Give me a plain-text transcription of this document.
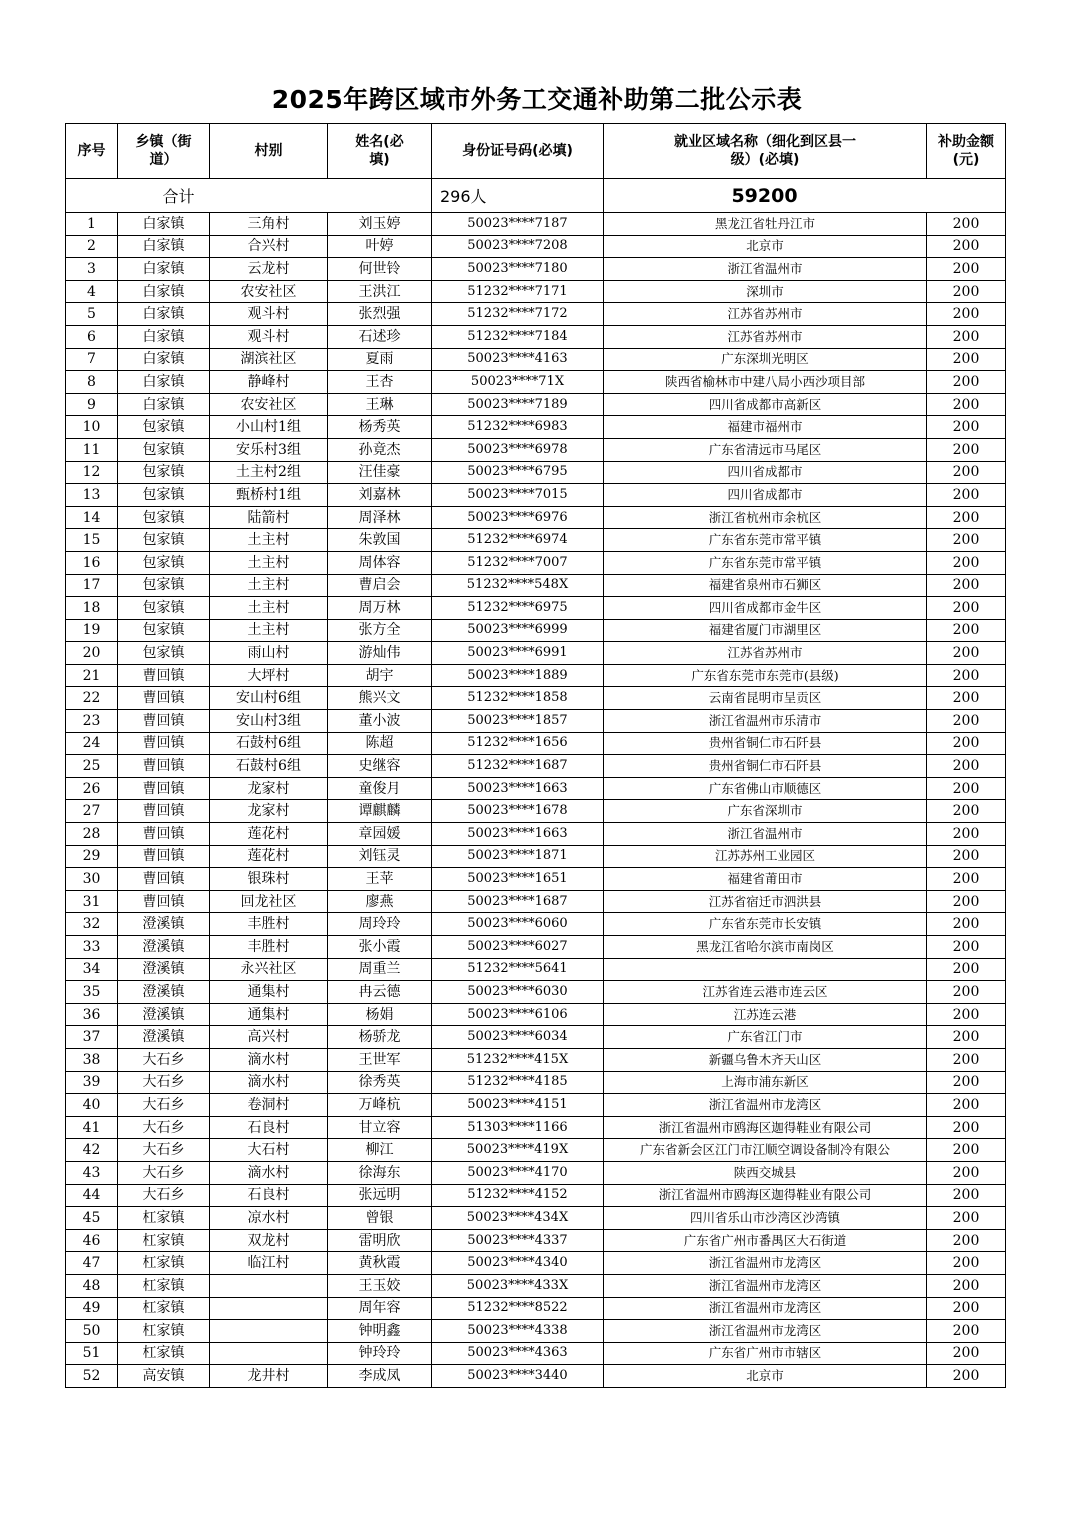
2025年跨区域市外务工交通补助第二批公示表
序号	乡镇（街道）	村别	姓名(必填)	身份证号码(必填)	就业区域名称（细化到区县一级）(必填)	补助金额(元)
合计				296人	59200	
1	白家镇	三角村	刘玉婷	50023****7187	黑龙江省牡丹江市	200
2	白家镇	合兴村	叶婷	50023****7208	北京市	200
3	白家镇	云龙村	何世铃	50023****7180	浙江省温州市	200
4	白家镇	农安社区	王洪江	51232****7171	深圳市	200
5	白家镇	观斗村	张烈强	51232****7172	江苏省苏州市	200
6	白家镇	观斗村	石述珍	51232****7184	江苏省苏州市	200
7	白家镇	湖滨社区	夏雨	50023****4163	广东深圳光明区	200
8	白家镇	静峰村	王杏	50023****71X	陕西省榆林市中建八局小西沙项目部	200
9	白家镇	农安社区	王琳	50023****7189	四川省成都市高新区	200
10	包家镇	小山村1组	杨秀英	51232****6983	福建市福州市	200
11	包家镇	安乐村3组	孙竟杰	50023****6978	广东省清远市马尾区	200
12	包家镇	土主村2组	汪佳豪	50023****6795	四川省成都市	200
13	包家镇	甄桥村1组	刘嘉林	50023****7015	四川省成都市	200
14	包家镇	陆箭村	周泽林	50023****6976	浙江省杭州市余杭区	200
15	包家镇	土主村	朱敦国	51232****6974	广东省东莞市常平镇	200
16	包家镇	土主村	周体容	51232****7007	广东省东莞市常平镇	200
17	包家镇	土主村	曹启会	51232****548X	福建省泉州市石狮区	200
18	包家镇	土主村	周万林	51232****6975	四川省成都市金牛区	200
19	包家镇	土主村	张方全	50023****6999	福建省厦门市湖里区	200
20	包家镇	雨山村	游灿伟	50023****6991	江苏省苏州市	200
21	曹回镇	大坪村	胡宇	50023****1889	广东省东莞市东莞市(县级)	200
22	曹回镇	安山村6组	熊兴文	51232****1858	云南省昆明市呈贡区	200
23	曹回镇	安山村3组	董小波	50023****1857	浙江省温州市乐清市	200
24	曹回镇	石鼓村6组	陈超	51232****1656	贵州省铜仁市石阡县	200
25	曹回镇	石鼓村6组	史继容	51232****1687	贵州省铜仁市石阡县	200
26	曹回镇	龙家村	童俊月	50023****1663	广东省佛山市顺德区	200
27	曹回镇	龙家村	谭麒麟	50023****1678	广东省深圳市	200
28	曹回镇	莲花村	章园媛	50023****1663	浙江省温州市	200
29	曹回镇	莲花村	刘钰灵	50023****1871	江苏苏州工业园区	200
30	曹回镇	银珠村	王苹	50023****1651	福建省莆田市	200
31	曹回镇	回龙社区	廖燕	50023****1687	江苏省宿迁市泗洪县	200
32	澄溪镇	丰胜村	周玲玲	50023****6060	广东省东莞市长安镇	200
33	澄溪镇	丰胜村	张小霞	50023****6027	黑龙江省哈尔滨市南岗区	200
34	澄溪镇	永兴社区	周重兰	51232****5641		200
35	澄溪镇	通集村	冉云德	50023****6030	江苏省连云港市连云区	200
36	澄溪镇	通集村	杨娟	50023****6106	江苏连云港	200
37	澄溪镇	高兴村	杨骄龙	50023****6034	广东省江门市	200
38	大石乡	滴水村	王世军	51232****415X	新疆乌鲁木齐天山区	200
39	大石乡	滴水村	徐秀英	51232****4185	上海市浦东新区	200
40	大石乡	卷洞村	万峰杭	50023****4151	浙江省温州市龙湾区	200
41	大石乡	石良村	甘立容	51303****1166	浙江省温州市鸥海区迦得鞋业有限公司	200
42	大石乡	大石村	柳江	50023****419X	广东省新会区江门市江顺空调设备制冷有限公	200
43	大石乡	滴水村	徐海东	50023****4170	陕西交城县	200
44	大石乡	石良村	张远明	51232****4152	浙江省温州市鸥海区迦得鞋业有限公司	200
45	杠家镇	凉水村	曾银	50023****434X	四川省乐山市沙湾区沙湾镇	200
46	杠家镇	双龙村	雷明欣	50023****4337	广东省广州市番禺区大石街道	200
47	杠家镇	临江村	黄秋霞	50023****4340	浙江省温州市龙湾区	200
48	杠家镇		王玉姣	50023****433X	浙江省温州市龙湾区	200
49	杠家镇		周年容	51232****8522	浙江省温州市龙湾区	200
50	杠家镇		钟明鑫	50023****4338	浙江省温州市龙湾区	200
51	杠家镇		钟玲玲	50023****4363	广东省广州市市辖区	200
52	高安镇	龙井村	李成凤	50023****3440	北京市	200
